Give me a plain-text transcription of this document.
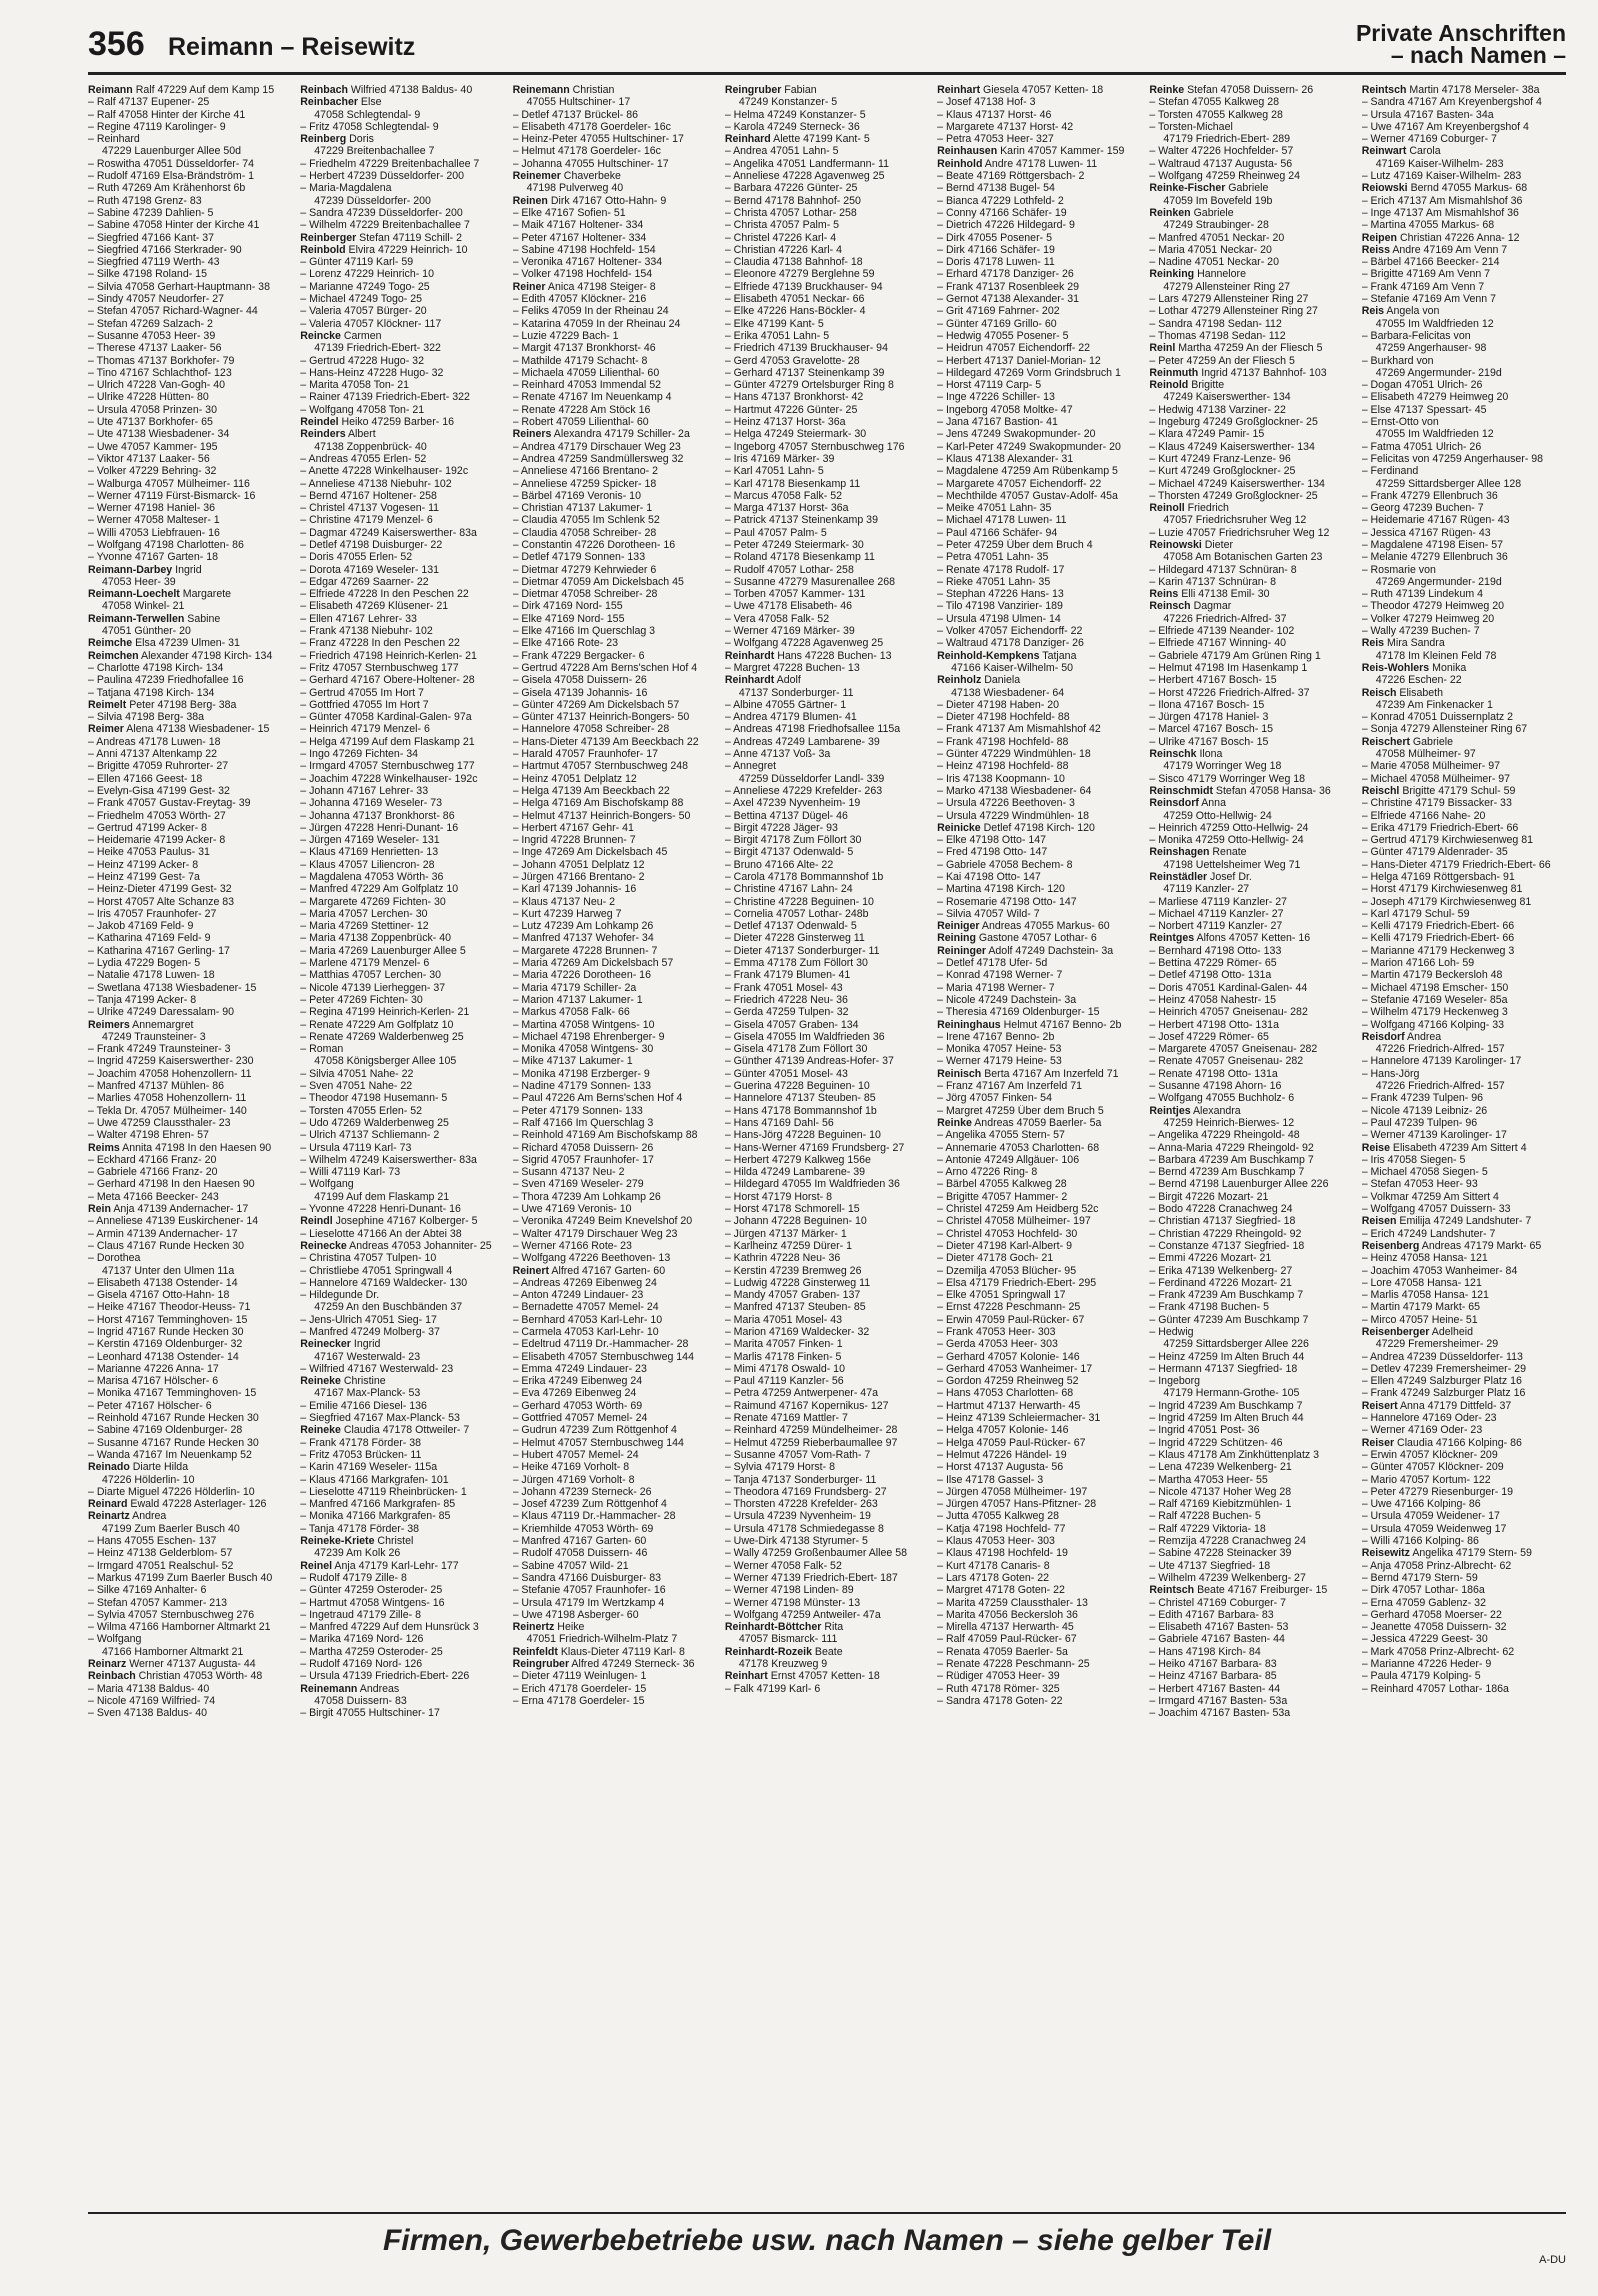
356 Reimann – Reisewitz	Private Anschriften
– nach Namen –
Reimann Ralf 47229 Auf dem Kamp 15
– Ralf 47137 Eupener- 25
– Ralf 47058 Hinter der Kirche 41
– Regine 47119 Karolinger- 9
– Reinhard
47229 Lauenburger Allee 50d
– Roswitha 47051 Düsseldorfer- 74
– Rudolf 47169 Elsa-Brändström- 1
– Ruth 47269 Am Krähenhorst 6b
– Ruth 47198 Grenz- 83
– Sabine 47239 Dahlien- 5
– Sabine 47058 Hinter der Kirche 41
– Siegfried 47166 Kant- 37
– Siegfried 47166 Sterkrader- 90
– Siegfried 47119 Werth- 43
– Silke 47198 Roland- 15
– Silvia 47058 Gerhart-Hauptmann- 38
– Sindy 47057 Neudorfer- 27
– Stefan 47057 Richard-Wagner- 44
– Stefan 47269 Salzach- 2
– Susanne 47053 Heer- 39
– Therese 47137 Laaker- 56
– Thomas 47137 Borkhofer- 79
– Tino 47167 Schlachthof- 123
– Ulrich 47228 Van-Gogh- 40
– Ulrike 47228 Hütten- 80
– Ursula 47058 Prinzen- 30
– Ute 47137 Borkhofer- 65
– Ute 47138 Wiesbadener- 34
– Uwe 47057 Kammer- 195
– Viktor 47137 Laaker- 56
– Volker 47229 Behring- 32
– Walburga 47057 Mülheimer- 116
– Werner 47119 Fürst-Bismarck- 16
– Werner 47198 Haniel- 36
– Werner 47058 Malteser- 1
– Willi 47053 Liebfrauen- 16
– Wolfgang 47198 Charlotten- 86
– Yvonne 47167 Garten- 18
Reimann-Darbey Ingrid
47053 Heer- 39
Reimann-Loechelt Margarete
47058 Winkel- 21
Reimann-Terwellen Sabine
47051 Günther- 20
Reimche Elsa 47239 Ulmen- 31
Reimchen Alexander 47198 Kirch- 134
– Charlotte 47198 Kirch- 134
– Paulina 47239 Friedhofallee 16
– Tatjana 47198 Kirch- 134
Reimelt Peter 47198 Berg- 38a
– Silvia 47198 Berg- 38a
Reimer Alena 47138 Wiesbadener- 15
– Andreas 47178 Luwen- 18
– Anni 47137 Altenkamp 22
– Brigitte 47059 Ruhrorter- 27
– Ellen 47166 Geest- 18
– Evelyn-Gisa 47199 Gest- 32
– Frank 47057 Gustav-Freytag- 39
– Friedhelm 47053 Wörth- 27
– Gertrud 47199 Acker- 8
– Heidemarie 47199 Acker- 8
– Heike 47053 Paulus- 31
– Heinz 47199 Acker- 8
– Heinz 47199 Gest- 7a
– Heinz-Dieter 47199 Gest- 32
– Horst 47057 Alte Schanze 83
– Iris 47057 Fraunhofer- 27
– Jakob 47169 Feld- 9
– Katharina 47169 Feld- 9
– Katharina 47167 Gerling- 17
– Lydia 47229 Bogen- 5
– Natalie 47178 Luwen- 18
– Swetlana 47138 Wiesbadener- 15
– Tanja 47199 Acker- 8
– Ulrike 47249 Daressalam- 90
Reimers Annemargret
47249 Traunsteiner- 3
– Frank 47249 Traunsteiner- 3
– Ingrid 47259 Kaiserswerther- 230
– Joachim 47058 Hohenzollern- 11
– Manfred 47137 Mühlen- 86
– Marlies 47058 Hohenzollern- 11
– Tekla Dr. 47057 Mülheimer- 140
– Uwe 47259 Claussthaler- 23
– Walter 47198 Ehren- 57
Reims Annita 47198 In den Haesen 90
– Eckhard 47166 Franz- 20
– Gabriele 47166 Franz- 20
– Gerhard 47198 In den Haesen 90
– Meta 47166 Beecker- 243
Rein Anja 47139 Andernacher- 17
– Anneliese 47139 Euskirchener- 14
– Armin 47139 Andernacher- 17
– Claus 47167 Runde Hecken 30
– Dorothea
47137 Unter den Ulmen 11a
– Elisabeth 47138 Ostender- 14
– Gisela 47167 Otto-Hahn- 18
– Heike 47167 Theodor-Heuss- 71
– Horst 47167 Temminghoven- 15
– Ingrid 47167 Runde Hecken 30
– Kerstin 47169 Oldenburger- 32
– Leonhard 47138 Ostender- 14
– Marianne 47226 Anna- 17
– Marisa 47167 Hölscher- 6
– Monika 47167 Temminghoven- 15
– Peter 47167 Hölscher- 6
– Reinhold 47167 Runde Hecken 30
– Sabine 47169 Oldenburger- 28
– Susanne 47167 Runde Hecken 30
– Wanda 47167 Im Neuenkamp 52
Reinado Diarte Hilda
47226 Hölderlin- 10
– Diarte Miguel 47226 Hölderlin- 10
Reinard Ewald 47228 Asterlager- 126
Reinartz Andrea
47199 Zum Baerler Busch 40
– Hans 47055 Eschen- 137
– Heinz 47138 Gelderblom- 57
– Irmgard 47051 Realschul- 52
– Markus 47199 Zum Baerler Busch 40
– Silke 47169 Anhalter- 6
– Stefan 47057 Kammer- 213
– Sylvia 47057 Sternbuschweg 276
– Wilma 47166 Hamborner Altmarkt 21
– Wolfgang
47166 Hamborner Altmarkt 21
Reinarz Werner 47137 Augusta- 44
Reinbach Christian 47053 Wörth- 48
– Maria 47138 Baldus- 40
– Nicole 47169 Wilfried- 74
– Sven 47138 Baldus- 40
Reinbach Wilfried 47138 Baldus- 40
Reinbacher Else
47058 Schlegtendal- 9
– Fritz 47058 Schlegtendal- 9
Reinberg Doris
47229 Breitenbachallee 7
– Friedhelm 47229 Breitenbachallee 7
– Herbert 47239 Düsseldorfer- 200
– Maria-Magdalena
47239 Düsseldorfer- 200
– Sandra 47239 Düsseldorfer- 200
– Wilhelm 47229 Breitenbachallee 7
Reinberger Stefan 47119 Schill- 2
Reinbold Elvira 47229 Heinrich- 10
– Günter 47119 Karl- 59
– Lorenz 47229 Heinrich- 10
– Marianne 47249 Togo- 25
– Michael 47249 Togo- 25
– Valeria 47057 Bürger- 20
– Valeria 47057 Klöckner- 117
Reincke Carmen
47139 Friedrich-Ebert- 322
– Gertrud 47228 Hugo- 32
– Hans-Heinz 47228 Hugo- 32
– Marita 47058 Ton- 21
– Rainer 47139 Friedrich-Ebert- 322
– Wolfgang 47058 Ton- 21
Reindel Heiko 47259 Barber- 16
Reinders Albert
47138 Zoppenbrück- 40
– Andreas 47055 Erlen- 52
– Anette 47228 Winkelhauser- 192c
– Anneliese 47138 Niebuhr- 102
– Bernd 47167 Holtener- 258
– Christel 47137 Vogesen- 11
– Christine 47179 Menzel- 6
– Dagmar 47249 Kaiserswerther- 83a
– Detlef 47198 Duisburger- 22
– Doris 47055 Erlen- 52
– Dorota 47169 Weseler- 131
– Edgar 47269 Saarner- 22
– Elfriede 47228 In den Peschen 22
– Elisabeth 47269 Klüsener- 21
– Ellen 47167 Lehrer- 33
– Frank 47138 Niebuhr- 102
– Franz 47228 In den Peschen 22
– Friedrich 47198 Heinrich-Kerlen- 21
– Fritz 47057 Sternbuschweg 177
– Gerhard 47167 Obere-Holtener- 28
– Gertrud 47055 Im Hort 7
– Gottfried 47055 Im Hort 7
– Günter 47058 Kardinal-Galen- 97a
– Heinrich 47179 Menzel- 6
– Helga 47199 Auf dem Flaskamp 21
– Ingo 47269 Fichten- 34
– Irmgard 47057 Sternbuschweg 177
– Joachim 47228 Winkelhauser- 192c
– Johann 47167 Lehrer- 33
– Johanna 47169 Weseler- 73
– Johanna 47137 Bronkhorst- 86
– Jürgen 47228 Henri-Dunant- 16
– Jürgen 47169 Weseler- 131
– Klaus 47169 Henrietten- 13
– Klaus 47057 Liliencron- 28
– Magdalena 47053 Wörth- 36
– Manfred 47229 Am Golfplatz 10
– Margarete 47269 Fichten- 30
– Maria 47057 Lerchen- 30
– Maria 47269 Stettiner- 12
– Maria 47138 Zoppenbrück- 40
– Maria 47269 Lauenburger Allee 5
– Marlene 47179 Menzel- 6
– Matthias 47057 Lerchen- 30
– Nicole 47139 Lierheggen- 37
– Peter 47269 Fichten- 30
– Regina 47199 Heinrich-Kerlen- 21
– Renate 47229 Am Golfplatz 10
– Renate 47269 Walderbenweg 25
– Roman
47058 Königsberger Allee 105
– Silvia 47051 Nahe- 22
– Sven 47051 Nahe- 22
– Theodor 47198 Husemann- 5
– Torsten 47055 Erlen- 52
– Udo 47269 Walderbenweg 25
– Ulrich 47137 Schliemann- 2
– Ursula 47119 Karl- 73
– Wilhelm 47249 Kaiserswerther- 83a
– Willi 47119 Karl- 73
– Wolfgang
47199 Auf dem Flaskamp 21
– Yvonne 47228 Henri-Dunant- 16
Reindl Josephine 47167 Kolberger- 5
– Lieselotte 47166 An der Abtei 38
Reinecke Andreas 47053 Johanniter- 25
– Christina 47057 Tulpen- 10
– Christliebe 47051 Springwall 4
– Hannelore 47169 Waldecker- 130
– Hildegunde Dr.
47259 An den Buschbänden 37
– Jens-Ulrich 47051 Sieg- 17
– Manfred 47249 Molberg- 37
Reinecker Ingrid
47167 Westerwald- 23
– Wilfried 47167 Westerwald- 23
Reineke Christine
47167 Max-Planck- 53
– Emilie 47166 Diesel- 136
– Siegfried 47167 Max-Planck- 53
Reineke Claudia 47178 Ottweiler- 7
– Frank 47178 Förder- 38
– Fritz 47053 Brücken- 11
– Karin 47169 Weseler- 115a
– Klaus 47166 Markgrafen- 101
– Lieselotte 47119 Rheinbrücken- 1
– Manfred 47166 Markgrafen- 85
– Monika 47166 Markgrafen- 85
– Tanja 47178 Förder- 38
Reineke-Kriete Christel
47239 Am Kolk 26
Reinel Anja 47179 Karl-Lehr- 177
– Rudolf 47179 Zille- 8
– Günter 47259 Osteroder- 25
– Hartmut 47058 Wintgens- 16
– Ingetraud 47179 Zille- 8
– Manfred 47229 Auf dem Hunsrück 3
– Marika 47169 Nord- 126
– Martha 47259 Osteroder- 25
– Rudolf 47169 Nord- 126
– Ursula 47139 Friedrich-Ebert- 226
Reinemann Andreas
47058 Duissern- 83
– Birgit 47055 Hultschiner- 17
Reinemann Christian
47055 Hultschiner- 17
– Detlef 47137 Brückel- 86
– Elisabeth 47178 Goerdeler- 16c
– Heinz-Peter 47055 Hultschiner- 17
– Helmut 47178 Goerdeler- 16c
– Johanna 47055 Hultschiner- 17
Reinemer Chaverbeke
47198 Pulverweg 40
Reinen Dirk 47167 Otto-Hahn- 9
– Elke 47167 Sofien- 51
– Maik 47167 Holtener- 334
– Peter 47167 Holtener- 334
– Sabine 47198 Hochfeld- 154
– Veronika 47167 Holtener- 334
– Volker 47198 Hochfeld- 154
Reiner Anica 47198 Steiger- 8
– Edith 47057 Klöckner- 216
– Feliks 47059 In der Rheinau 24
– Katarina 47059 In der Rheinau 24
– Luzie 47229 Bach- 1
– Margit 47137 Bronkhorst- 46
– Mathilde 47179 Schacht- 8
– Michaela 47059 Lilienthal- 60
– Reinhard 47053 Immendal 52
– Renate 47167 Im Neuenkamp 4
– Renate 47228 Am Stöck 16
– Robert 47059 Lilienthal- 60
Reiners Alexandra 47179 Schiller- 2a
– Andrea 47179 Dirschauer Weg 23
– Andrea 47259 Sandmüllersweg 32
– Anneliese 47166 Brentano- 2
– Anneliese 47259 Spicker- 18
– Bärbel 47169 Veronis- 10
– Christian 47137 Lakumer- 1
– Claudia 47055 Im Schlenk 52
– Claudia 47058 Schreiber- 28
– Constantin 47226 Dorotheen- 16
– Detlef 47179 Sonnen- 133
– Dietmar 47279 Kehrwieder 6
– Dietmar 47059 Am Dickelsbach 45
– Dietmar 47058 Schreiber- 28
– Dirk 47169 Nord- 155
– Elke 47169 Nord- 155
– Elke 47166 Im Querschlag 3
– Elke 47166 Rote- 23
– Frank 47229 Bergacker- 6
– Gertrud 47228 Am Berns'schen Hof 4
– Gisela 47058 Duissern- 26
– Gisela 47139 Johannis- 16
– Günter 47269 Am Dickelsbach 57
– Günter 47137 Heinrich-Bongers- 50
– Hannelore 47058 Schreiber- 28
– Hans-Dieter 47139 Am Beeckbach 22
– Harald 47057 Fraunhofer- 17
– Hartmut 47057 Sternbuschweg 248
– Heinz 47051 Delplatz 12
– Helga 47139 Am Beeckbach 22
– Helga 47169 Am Bischofskamp 88
– Helmut 47137 Heinrich-Bongers- 50
– Herbert 47167 Gehr- 41
– Ingrid 47228 Brunnen- 7
– Inge 47269 Am Dickelsbach 45
– Johann 47051 Delplatz 12
– Jürgen 47166 Brentano- 2
– Karl 47139 Johannis- 16
– Klaus 47137 Neu- 2
– Kurt 47239 Harweg 7
– Lutz 47239 Am Lohkamp 26
– Manfred 47137 Wehofer- 34
– Margarete 47228 Brunnen- 7
– Maria 47269 Am Dickelsbach 57
– Maria 47226 Dorotheen- 16
– Maria 47179 Schiller- 2a
– Marion 47137 Lakumer- 1
– Markus 47058 Falk- 66
– Martina 47058 Wintgens- 10
– Michael 47198 Ehrenberger- 9
– Monika 47058 Wintgens- 30
– Mike 47137 Lakumer- 1
– Monika 47198 Erzberger- 9
– Nadine 47179 Sonnen- 133
– Paul 47226 Am Berns'schen Hof 4
– Peter 47179 Sonnen- 133
– Ralf 47166 Im Querschlag 3
– Reinhold 47169 Am Bischofskamp 88
– Richard 47058 Duissern- 26
– Sigrid 47057 Fraunhofer- 17
– Susann 47137 Neu- 2
– Sven 47169 Weseler- 279
– Thora 47239 Am Lohkamp 26
– Uwe 47169 Veronis- 10
– Veronika 47249 Beim Knevelshof 20
– Walter 47179 Dirschauer Weg 23
– Werner 47166 Rote- 23
– Wolfgang 47226 Beethoven- 13
Reinert Alfred 47167 Garten- 60
– Andreas 47269 Eibenweg 24
– Anton 47249 Lindauer- 23
– Bernadette 47057 Memel- 24
– Bernhard 47053 Karl-Lehr- 10
– Carmela 47053 Karl-Lehr- 10
– Edeltrud 47119 Dr.-Hammacher- 28
– Elisabeth 47057 Sternbuschweg 144
– Emma 47249 Lindauer- 23
– Erika 47249 Eibenweg 24
– Eva 47269 Eibenweg 24
– Gerhard 47053 Wörth- 69
– Gottfried 47057 Memel- 24
– Gudrun 47239 Zum Röttgenhof 4
– Helmut 47057 Sternbuschweg 144
– Hubert 47057 Memel- 24
– Heike 47169 Vorholt- 8
– Jürgen 47169 Vorholt- 8
– Johann 47239 Sterneck- 26
– Josef 47239 Zum Röttgenhof 4
– Klaus 47119 Dr.-Hammacher- 28
– Kriemhilde 47053 Wörth- 69
– Manfred 47167 Garten- 60
– Rudolf 47058 Duissern- 46
– Sabine 47057 Wild- 21
– Sandra 47166 Duisburger- 83
– Stefanie 47057 Fraunhofer- 16
– Ursula 47179 Im Wertzkamp 4
– Uwe 47198 Asberger- 60
Reinertz Heike
47051 Friedrich-Wilhelm-Platz 7
Reinfeldt Klaus-Dieter 47119 Karl- 8
Reingruber Alfred 47249 Sterneck- 36
– Dieter 47119 Weinlugen- 1
– Erich 47178 Goerdeler- 15
– Erna 47178 Goerdeler- 15
Reingruber Fabian
47249 Konstanzer- 5
– Helma 47249 Konstanzer- 5
– Karola 47249 Sterneck- 36
Reinhard Alette 47199 Kant- 5
– Andrea 47051 Lahn- 5
– Angelika 47051 Landfermann- 11
– Anneliese 47228 Agavenweg 25
– Barbara 47226 Günter- 25
– Bernd 47178 Bahnhof- 250
– Christa 47057 Lothar- 258
– Christa 47057 Palm- 5
– Christel 47226 Karl- 4
– Christian 47226 Karl- 4
– Claudia 47138 Bahnhof- 18
– Eleonore 47279 Berglehne 59
– Elfriede 47139 Bruckhauser- 94
– Elisabeth 47051 Neckar- 66
– Elke 47226 Hans-Böckler- 4
– Elke 47199 Kant- 5
– Erika 47051 Lahn- 5
– Friedrich 47139 Bruckhauser- 94
– Gerd 47053 Gravelotte- 28
– Gerhard 47137 Steinenkamp 39
– Günter 47279 Ortelsburger Ring 8
– Hans 47137 Bronkhorst- 42
– Hartmut 47226 Günter- 25
– Heinz 47137 Horst- 36a
– Helga 47249 Steiermark- 30
– Ingeborg 47057 Sternbuschweg 176
– Iris 47169 Märker- 39
– Karl 47051 Lahn- 5
– Karl 47178 Biesenkamp 11
– Marcus 47058 Falk- 52
– Marga 47137 Horst- 36a
– Patrick 47137 Steinenkamp 39
– Paul 47057 Palm- 5
– Peter 47249 Steiermark- 30
– Roland 47178 Biesenkamp 11
– Rudolf 47057 Lothar- 258
– Susanne 47279 Masurenallee 268
– Torben 47057 Kammer- 131
– Uwe 47178 Elisabeth- 46
– Vera 47058 Falk- 52
– Werner 47169 Märker- 39
– Wolfgang 47228 Agavenweg 25
Reinhardt Hans 47228 Buchen- 13
– Margret 47228 Buchen- 13
Reinhardt Adolf
47137 Sonderburger- 11
– Albine 47055 Gärtner- 1
– Andrea 47179 Blumen- 41
– Andreas 47198 Friedhofsallee 115a
– Andreas 47249 Lambarene- 39
– Anne 47137 Voß- 3a
– Annegret
47259 Düsseldorfer Landl- 339
– Anneliese 47229 Krefelder- 263
– Axel 47239 Nyvenheim- 19
– Bettina 47137 Dügel- 46
– Birgit 47228 Jäger- 93
– Birgit 47178 Zum Föllort 30
– Birgit 47137 Odenwald- 5
– Bruno 47166 Alte- 22
– Carola 47178 Bommannshof 1b
– Christine 47167 Lahn- 24
– Christine 47228 Beguinen- 10
– Cornelia 47057 Lothar- 248b
– Detlef 47137 Odenwald- 5
– Dieter 47228 Ginsterweg 11
– Dieter 47137 Sonderburger- 11
– Emma 47178 Zum Föllort 30
– Frank 47179 Blumen- 41
– Frank 47051 Mosel- 43
– Friedrich 47228 Neu- 36
– Gerda 47259 Tulpen- 32
– Gisela 47057 Graben- 134
– Gisela 47055 Im Waldfrieden 36
– Gisela 47178 Zum Föllort 30
– Günther 47139 Andreas-Hofer- 37
– Günter 47051 Mosel- 43
– Guerina 47228 Beguinen- 10
– Hannelore 47137 Steuben- 85
– Hans 47178 Bommannshof 1b
– Hans 47169 Dahl- 56
– Hans-Jörg 47228 Beguinen- 10
– Hans-Werner 47169 Frundsberg- 27
– Herbert 47279 Kalkweg 156e
– Hilda 47249 Lambarene- 39
– Hildegard 47055 Im Waldfrieden 36
– Horst 47179 Horst- 8
– Horst 47178 Schmorell- 15
– Johann 47228 Beguinen- 10
– Jürgen 47137 Märker- 1
– Karlheinz 47259 Dürer- 1
– Kathrin 47228 Neu- 36
– Kerstin 47239 Bremweg 26
– Ludwig 47228 Ginsterweg 11
– Mandy 47057 Graben- 137
– Manfred 47137 Steuben- 85
– Maria 47051 Mosel- 43
– Marion 47169 Waldecker- 32
– Marita 47057 Finken- 1
– Marlis 47178 Finken- 5
– Mimi 47178 Oswald- 10
– Paul 47119 Kanzler- 56
– Petra 47259 Antwerpener- 47a
– Raimund 47167 Kopernikus- 127
– Renate 47169 Mattler- 7
– Reinhard 47259 Mündelheimer- 28
– Helmut 47259 Rieberbaumallee 97
– Susanne 47057 Vom-Rath- 7
– Sylvia 47179 Horst- 8
– Tanja 47137 Sonderburger- 11
– Theodora 47169 Frundsberg- 27
– Thorsten 47228 Krefelder- 263
– Ursula 47239 Nyvenheim- 19
– Ursula 47178 Schmiedegasse 8
– Uwe-Dirk 47138 Styrumer- 5
– Wally 47259 Großenbaumer Allee 58
– Werner 47058 Falk- 52
– Werner 47139 Friedrich-Ebert- 187
– Werner 47198 Linden- 89
– Werner 47198 Münster- 13
– Wolfgang 47259 Antweiler- 47a
Reinhardt-Böttcher Rita
47057 Bismarck- 111
Reinhardt-Rozeik Beate
47178 Kreuzweg 9
Reinhart Ernst 47057 Ketten- 18
– Falk 47199 Karl- 6
Reinhart Giesela 47057 Ketten- 18
– Josef 47138 Hof- 3
– Klaus 47137 Horst- 46
– Margarete 47137 Horst- 42
– Petra 47053 Heer- 327
Reinhausen Karin 47057 Kammer- 159
Reinhold Andre 47178 Luwen- 11
– Beate 47169 Röttgersbach- 2
– Bernd 47138 Bugel- 54
– Bianca 47229 Lothfeld- 2
– Conny 47166 Schäfer- 19
– Dietrich 47226 Hildegard- 9
– Dirk 47055 Posener- 5
– Dirk 47166 Schäfer- 19
– Doris 47178 Luwen- 11
– Erhard 47178 Danziger- 26
– Frank 47137 Rosenbleek 29
– Gernot 47138 Alexander- 31
– Grit 47169 Fahrner- 202
– Günter 47169 Grillo- 60
– Hedwig 47055 Posener- 5
– Heidrun 47057 Eichendorff- 22
– Herbert 47137 Daniel-Morian- 12
– Hildegard 47269 Vorm Grindsbruch 1
– Horst 47119 Carp- 5
– Inge 47226 Schiller- 13
– Ingeborg 47058 Moltke- 47
– Jana 47167 Bastion- 41
– Jens 47249 Swakopmunder- 20
– Karl-Peter 47249 Swakopmunder- 20
– Klaus 47138 Alexander- 31
– Magdalene 47259 Am Rübenkamp 5
– Margarete 47057 Eichendorff- 22
– Mechthilde 47057 Gustav-Adolf- 45a
– Meike 47051 Lahn- 35
– Michael 47178 Luwen- 11
– Paul 47166 Schäfer- 94
– Peter 47259 Über dem Bruch 4
– Petra 47051 Lahn- 35
– Renate 47178 Rudolf- 17
– Rieke 47051 Lahn- 35
– Stephan 47226 Hans- 13
– Tilo 47198 Vanzirier- 189
– Ursula 47198 Ulmen- 14
– Volker 47057 Eichendorff- 22
– Waltraud 47178 Danziger- 26
Reinhold-Kempkens Tatjana
47166 Kaiser-Wilhelm- 50
Reinholz Daniela
47138 Wiesbadener- 64
– Dieter 47198 Haben- 20
– Dieter 47198 Hochfeld- 88
– Frank 47137 Am Mismahlshof 42
– Frank 47198 Hochfeld- 88
– Günter 47229 Windmühlen- 18
– Heinz 47198 Hochfeld- 88
– Iris 47138 Koopmann- 10
– Marko 47138 Wiesbadener- 64
– Ursula 47226 Beethoven- 3
– Ursula 47229 Windmühlen- 18
Reinicke Detlef 47198 Kirch- 120
– Elke 47198 Otto- 147
– Fred 47198 Otto- 147
– Gabriele 47058 Bechem- 8
– Kai 47198 Otto- 147
– Martina 47198 Kirch- 120
– Rosemarie 47198 Otto- 147
– Silvia 47057 Wild- 7
Reiniger Andreas 47055 Markus- 60
Reining Gastone 47057 Lothar- 6
Reininger Adolf 47249 Dachstein- 3a
– Detlef 47178 Ufer- 5d
– Konrad 47198 Werner- 7
– Maria 47198 Werner- 7
– Nicole 47249 Dachstein- 3a
– Theresia 47169 Oldenburger- 15
Reininghaus Helmut 47167 Benno- 2b
– Irene 47167 Benno- 2b
– Monika 47057 Heine- 53
– Werner 47179 Heine- 53
Reinisch Berta 47167 Am Inzerfeld 71
– Franz 47167 Am Inzerfeld 71
– Jörg 47057 Finken- 54
– Margret 47259 Über dem Bruch 5
Reinke Andreas 47059 Baerler- 5a
– Angelika 47055 Stern- 57
– Annemarie 47053 Charlotten- 68
– Antonie 47249 Allgäuer- 106
– Arno 47226 Ring- 8
– Bärbel 47055 Kalkweg 28
– Brigitte 47057 Hammer- 2
– Christel 47259 Am Heidberg 52c
– Christel 47058 Mülheimer- 197
– Christel 47053 Hochfeld- 30
– Dieter 47198 Karl-Albert- 9
– Dieter 47178 Goch- 21
– Dzemilja 47053 Blücher- 95
– Elsa 47179 Friedrich-Ebert- 295
– Elke 47051 Springwall 17
– Ernst 47228 Peschmann- 25
– Erwin 47059 Paul-Rücker- 67
– Frank 47053 Heer- 303
– Gerda 47053 Heer- 303
– Gerhard 47057 Kolonie- 146
– Gerhard 47053 Wanheimer- 17
– Gordon 47259 Rheinweg 52
– Hans 47053 Charlotten- 68
– Hartmut 47137 Herwarth- 45
– Heinz 47139 Schleiermacher- 31
– Helga 47057 Kolonie- 146
– Helga 47059 Paul-Rücker- 67
– Helmut 47226 Händel- 19
– Horst 47137 Augusta- 56
– Ilse 47178 Gassel- 3
– Jürgen 47058 Mülheimer- 197
– Jürgen 47057 Hans-Pfitzner- 28
– Jutta 47055 Kalkweg 28
– Katja 47198 Hochfeld- 77
– Klaus 47053 Heer- 303
– Klaus 47198 Hochfeld- 19
– Kurt 47178 Canaris- 8
– Lars 47178 Goten- 22
– Margret 47178 Goten- 22
– Marita 47259 Claussthaler- 13
– Marita 47056 Beckersloh 36
– Mirella 47137 Herwarth- 45
– Ralf 47059 Paul-Rücker- 67
– Renata 47059 Baerler- 5a
– Renate 47228 Peschmann- 25
– Rüdiger 47053 Heer- 39
– Ruth 47178 Römer- 325
– Sandra 47178 Goten- 22
Reinke Stefan 47058 Duissern- 26
– Stefan 47055 Kalkweg 28
– Torsten 47055 Kalkweg 28
– Torsten-Michael
47179 Friedrich-Ebert- 289
– Walter 47226 Hochfelder- 57
– Waltraud 47137 Augusta- 56
– Wolfgang 47259 Rheinweg 24
Reinke-Fischer Gabriele
47059 Im Bovefeld 19b
Reinken Gabriele
47249 Straubinger- 28
– Manfred 47051 Neckar- 20
– Maria 47051 Neckar- 20
– Nadine 47051 Neckar- 20
Reinking Hannelore
47279 Allensteiner Ring 27
– Lars 47279 Allensteiner Ring 27
– Lothar 47279 Allensteiner Ring 27
– Sandra 47198 Sedan- 112
– Thomas 47198 Sedan- 112
Reinl Martha 47259 An der Fliesch 5
– Peter 47259 An der Fliesch 5
Reinmuth Ingrid 47137 Bahnhof- 103
Reinold Brigitte
47249 Kaiserswerther- 134
– Hedwig 47138 Varziner- 22
– Ingeburg 47249 Großglockner- 25
– Klara 47249 Pamir- 15
– Klaus 47249 Kaiserswerther- 134
– Kurt 47249 Franz-Lenze- 96
– Kurt 47249 Großglockner- 25
– Michael 47249 Kaiserswerther- 134
– Thorsten 47249 Großglockner- 25
Reinoll Friedrich
47057 Friedrichsruher Weg 12
– Luzie 47057 Friedrichsruher Weg 12
Reinowski Dieter
47058 Am Botanischen Garten 23
– Hildegard 47137 Schnüran- 8
– Karin 47137 Schnüran- 8
Reins Elli 47138 Emil- 30
Reinsch Dagmar
47226 Friedrich-Alfred- 37
– Elfriede 47139 Neander- 102
– Elfriede 47167 Winning- 40
– Gabriele 47179 Am Grünen Ring 1
– Helmut 47198 Im Hasenkamp 1
– Herbert 47167 Bosch- 15
– Horst 47226 Friedrich-Alfred- 37
– Ilona 47167 Bosch- 15
– Jürgen 47178 Haniel- 3
– Marcel 47167 Bosch- 15
– Ulrike 47167 Bosch- 15
Reinschk Ilona
47179 Worringer Weg 18
– Sisco 47179 Worringer Weg 18
Reinschmidt Stefan 47058 Hansa- 36
Reinsdorf Anna
47259 Otto-Hellwig- 24
– Heinrich 47259 Otto-Hellwig- 24
– Monika 47259 Otto-Hellwig- 24
Reinshagen Renate
47198 Uettelsheimer Weg 71
Reinstädler Josef Dr.
47119 Kanzler- 27
– Marliese 47119 Kanzler- 27
– Michael 47119 Kanzler- 27
– Norbert 47119 Kanzler- 27
Reintges Alfons 47057 Ketten- 16
– Bernhard 47198 Otto- 133
– Bettina 47229 Römer- 65
– Detlef 47198 Otto- 131a
– Doris 47051 Kardinal-Galen- 44
– Heinz 47058 Nahestr- 15
– Heinrich 47057 Gneisenau- 282
– Herbert 47198 Otto- 131a
– Josef 47229 Römer- 65
– Margarete 47057 Gneisenau- 282
– Renate 47057 Gneisenau- 282
– Renate 47198 Otto- 131a
– Susanne 47198 Ahorn- 16
– Wolfgang 47055 Buchholz- 6
Reintjes Alexandra
47259 Heinrich-Bierwes- 12
– Angelika 47229 Rheingold- 48
– Anna-Maria 47229 Rheingold- 92
– Barbara 47239 Am Buschkamp 7
– Bernd 47239 Am Buschkamp 7
– Bernd 47198 Lauenburger Allee 226
– Birgit 47226 Mozart- 21
– Bodo 47228 Cranachweg 24
– Christian 47137 Siegfried- 18
– Christian 47229 Rheingold- 92
– Constanze 47137 Siegfried- 18
– Emmi 47226 Mozart- 21
– Erika 47139 Welkenberg- 27
– Ferdinand 47226 Mozart- 21
– Frank 47239 Am Buschkamp 7
– Frank 47198 Buchen- 5
– Günter 47239 Am Buschkamp 7
– Hedwig
47259 Sittardsberger Allee 226
– Heinz 47259 Im Alten Bruch 44
– Hermann 47137 Siegfried- 18
– Ingeborg
47179 Hermann-Grothe- 105
– Ingrid 47239 Am Buschkamp 7
– Ingrid 47259 Im Alten Bruch 44
– Ingrid 47051 Post- 36
– Ingrid 47229 Schützen- 46
– Klaus 47178 Am Zinkhüttenplatz 3
– Lena 47239 Welkenberg- 21
– Martha 47053 Heer- 55
– Nicole 47137 Hoher Weg 28
– Ralf 47169 Kiebitzmühlen- 1
– Ralf 47228 Buchen- 5
– Ralf 47229 Viktoria- 18
– Remzija 47228 Cranachweg 24
– Sabine 47228 Steinacker 39
– Ute 47137 Siegfried- 18
– Wilhelm 47239 Welkenberg- 27
Reintsch Beate 47167 Freiburger- 15
– Christel 47169 Coburger- 7
– Edith 47167 Barbara- 83
– Elisabeth 47167 Basten- 53
– Gabriele 47167 Basten- 44
– Hans 47198 Kirch- 84
– Heiko 47167 Barbara- 83
– Heinz 47167 Barbara- 85
– Herbert 47167 Basten- 44
– Irmgard 47167 Basten- 53a
– Joachim 47167 Basten- 53a
Reintsch Martin 47178 Merseler- 38a
– Sandra 47167 Am Kreyenbergshof 4
– Ursula 47167 Basten- 34a
– Uwe 47167 Am Kreyenbergshof 4
– Werner 47169 Coburger- 7
Reinwart Carola
47169 Kaiser-Wilhelm- 283
– Lutz 47169 Kaiser-Wilhelm- 283
Reiowski Bernd 47055 Markus- 68
– Erich 47137 Am Mismahlshof 36
– Inge 47137 Am Mismahlshof 36
– Martina 47055 Markus- 68
Reipen Christian 47226 Anna- 12
Reiss Andre 47169 Am Venn 7
– Bärbel 47166 Beecker- 214
– Brigitte 47169 Am Venn 7
– Frank 47169 Am Venn 7
– Stefanie 47169 Am Venn 7
Reis Angela von
47055 Im Waldfrieden 12
– Barbara-Felicitas von
47259 Angerhauser- 98
– Burkhard von
47269 Angermunder- 219d
– Dogan 47051 Ulrich- 26
– Elisabeth 47279 Heimweg 20
– Else 47137 Spessart- 45
– Ernst-Otto von
47055 Im Waldfrieden 12
– Fatma 47051 Ulrich- 26
– Felicitas von 47259 Angerhauser- 98
– Ferdinand
47259 Sittardsberger Allee 128
– Frank 47279 Ellenbruch 36
– Georg 47239 Buchen- 7
– Heidemarie 47167 Rügen- 43
– Jessica 47167 Rügen- 43
– Magdalene 47198 Eisen- 57
– Melanie 47279 Ellenbruch 36
– Rosmarie von
47269 Angermunder- 219d
– Ruth 47139 Lindekum 4
– Theodor 47279 Heimweg 20
– Volker 47279 Heimweg 20
– Wally 47239 Buchen- 7
Reis Mira Sandra
47178 Im Kleinen Feld 78
Reis-Wohlers Monika
47226 Eschen- 22
Reisch Elisabeth
47239 Am Finkenacker 1
– Konrad 47051 Duissernplatz 2
– Sonja 47279 Allensteiner Ring 67
Reischert Gabriele
47058 Mülheimer- 97
– Marie 47058 Mülheimer- 97
– Michael 47058 Mülheimer- 97
Reischl Brigitte 47179 Schul- 59
– Christine 47179 Bissacker- 33
– Elfriede 47166 Nahe- 20
– Erika 47179 Friedrich-Ebert- 66
– Gertrud 47179 Kirchwiesenweg 81
– Günter 47179 Aldenrader- 35
– Hans-Dieter 47179 Friedrich-Ebert- 66
– Helga 47169 Röttgersbach- 91
– Horst 47179 Kirchwiesenweg 81
– Joseph 47179 Kirchwiesenweg 81
– Karl 47179 Schul- 59
– Kelli 47179 Friedrich-Ebert- 66
– Kelli 47179 Friedrich-Ebert- 66
– Marianne 47179 Heckenweg 3
– Marion 47166 Loh- 59
– Martin 47179 Beckersloh 48
– Michael 47198 Emscher- 150
– Stefanie 47169 Weseler- 85a
– Wilhelm 47179 Heckenweg 3
– Wolfgang 47166 Kolping- 33
Reisdorf Andrea
47226 Friedrich-Alfred- 157
– Hannelore 47139 Karolinger- 17
– Hans-Jörg
47226 Friedrich-Alfred- 157
– Frank 47239 Tulpen- 96
– Nicole 47139 Leibniz- 26
– Paul 47239 Tulpen- 96
– Werner 47139 Karolinger- 17
Reise Elisabeth 47239 Am Sittert 4
– Iris 47058 Siegen- 5
– Michael 47058 Siegen- 5
– Stefan 47053 Heer- 93
– Volkmar 47259 Am Sittert 4
– Wolfgang 47057 Duissern- 33
Reisen Emilija 47249 Landshuter- 7
– Erich 47249 Landshuter- 7
Reisenberg Andreas 47179 Markt- 65
– Heinz 47058 Hansa- 121
– Joachim 47053 Wanheimer- 84
– Lore 47058 Hansa- 121
– Marlis 47058 Hansa- 121
– Martin 47179 Markt- 65
– Mirco 47057 Heine- 51
Reisenberger Adelheid
47229 Fremersheimer- 29
– Andrea 47239 Düsseldorfer- 113
– Detlev 47239 Fremersheimer- 29
– Ellen 47249 Salzburger Platz 16
– Frank 47249 Salzburger Platz 16
Reisert Anna 47179 Dittfeld- 37
– Hannelore 47169 Oder- 23
– Werner 47169 Oder- 23
Reiser Claudia 47166 Kolping- 86
– Erwin 47057 Klöckner- 209
– Günter 47057 Klöckner- 209
– Mario 47057 Kortum- 122
– Peter 47279 Riesenburger- 19
– Uwe 47166 Kolping- 86
– Ursula 47059 Weidener- 17
– Ursula 47059 Weidenweg 17
– Willi 47166 Kolping- 86
Reisewitz Angelika 47179 Stern- 59
– Anja 47058 Prinz-Albrecht- 62
– Bernd 47179 Stern- 59
– Dirk 47057 Lothar- 186a
– Erna 47059 Gablenz- 32
– Gerhard 47058 Moerser- 22
– Jeanette 47058 Duissern- 32
– Jessica 47229 Geest- 30
– Mark 47058 Prinz-Albrecht- 62
– Marianne 47226 Heder- 9
– Paula 47179 Kolping- 5
– Reinhard 47057 Lothar- 186a
Firmen, Gewerbebetriebe usw. nach Namen – siehe gelber Teil
A-DU
